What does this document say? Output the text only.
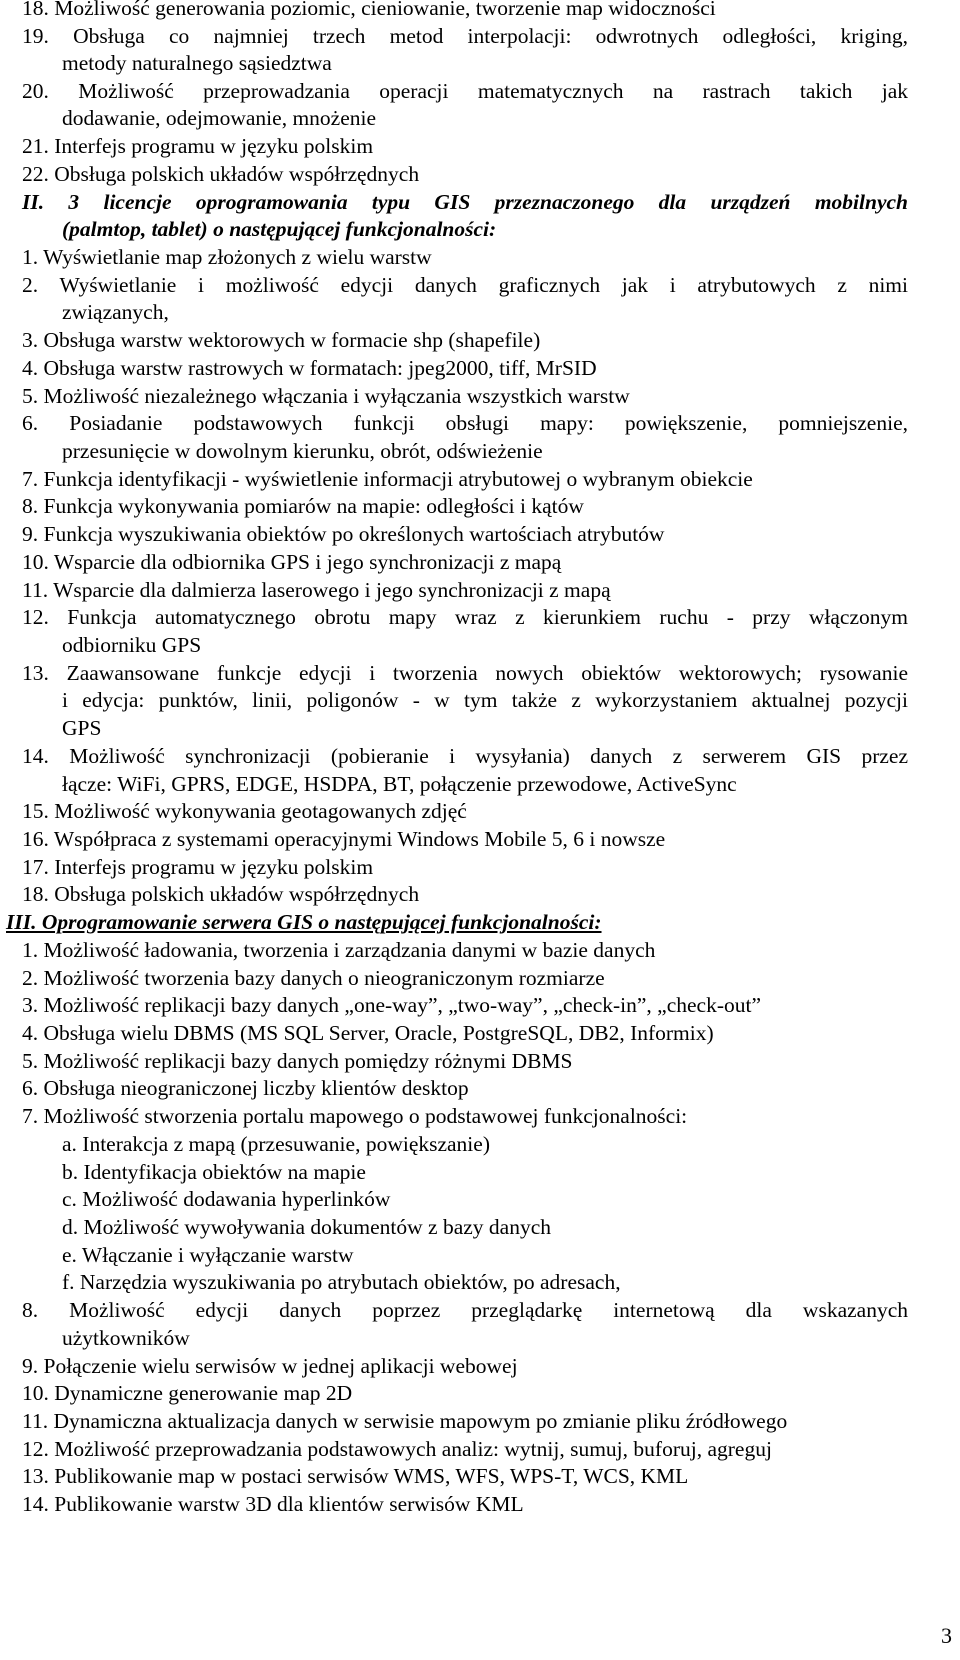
18. Możliwość generowania poziomic, cieniowanie, tworzenie map widoczności
19. Obsługa co najmniej trzech metod interpolacji: odwrotnych odległości, kriging,
metody naturalnego sąsiedztwa
20. Możliwość przeprowadzania operacji matematycznych na rastrach takich jak
dodawanie, odejmowanie, mnożenie
21. Interfejs programu w języku polskim
22. Obsługa polskich układów współrzędnych
II. 3 licencje oprogramowania typu GIS przeznaczonego dla urządzeń mobilnych
(palmtop, tablet) o następującej funkcjonalności:
1. Wyświetlanie map złożonych z wielu warstw
2. Wyświetlanie i możliwość edycji danych graficznych jak i atrybutowych z nimi
związanych,
3. Obsługa warstw wektorowych w formacie shp (shapefile)
4. Obsługa warstw rastrowych w formatach: jpeg2000, tiff, MrSID
5. Możliwość niezależnego włączania i wyłączania wszystkich warstw
6. Posiadanie podstawowych funkcji obsługi mapy: powiększenie, pomniejszenie,
przesunięcie w dowolnym kierunku, obrót, odświeżenie
7. Funkcja identyfikacji - wyświetlenie informacji atrybutowej o wybranym obiekcie
8. Funkcja wykonywania pomiarów na mapie: odległości i kątów
9. Funkcja wyszukiwania obiektów po określonych wartościach atrybutów
10. Wsparcie dla odbiornika GPS i jego synchronizacji z mapą
11. Wsparcie dla dalmierza laserowego i jego synchronizacji z mapą
12. Funkcja automatycznego obrotu mapy wraz z kierunkiem ruchu - przy włączonym
odbiorniku GPS
13. Zaawansowane funkcje edycji i tworzenia nowych obiektów wektorowych; rysowanie
i edycja: punktów, linii, poligonów - w tym także z wykorzystaniem aktualnej pozycji
GPS
14. Możliwość synchronizacji (pobieranie i wysyłania) danych z serwerem GIS przez
łącze: WiFi, GPRS, EDGE, HSDPA, BT, połączenie przewodowe, ActiveSync
15. Możliwość wykonywania geotagowanych zdjęć
16. Współpraca z systemami operacyjnymi Windows Mobile 5, 6 i nowsze
17. Interfejs programu w języku polskim
18. Obsługa polskich układów współrzędnych
III. Oprogramowanie serwera GIS o następującej funkcjonalności:
1. Możliwość ładowania, tworzenia i zarządzania danymi w bazie danych
2. Możliwość tworzenia bazy danych o nieograniczonym rozmiarze
3. Możliwość replikacji bazy danych „one-way”, „two-way”, „check-in”, „check-out”
4. Obsługa wielu DBMS (MS SQL Server, Oracle, PostgreSQL, DB2, Informix)
5. Możliwość replikacji bazy danych pomiędzy różnymi DBMS
6. Obsługa nieograniczonej liczby klientów desktop
7. Możliwość stworzenia portalu mapowego o podstawowej funkcjonalności:
a. Interakcja z mapą (przesuwanie, powiększanie)
b. Identyfikacja obiektów na mapie
c. Możliwość dodawania hyperlinków
d. Możliwość wywoływania dokumentów z bazy danych
e. Włączanie i wyłączanie warstw
f. Narzędzia wyszukiwania po atrybutach obiektów, po adresach,
8. Możliwość edycji danych poprzez przeglądarkę internetową dla wskazanych
użytkowników
9. Połączenie wielu serwisów w jednej aplikacji webowej
10. Dynamiczne generowanie map 2D
11. Dynamiczna aktualizacja danych w serwisie mapowym po zmianie pliku źródłowego
12. Możliwość przeprowadzania podstawowych analiz: wytnij, sumuj, buforuj, agreguj
13. Publikowanie map w postaci serwisów WMS, WFS, WPS-T, WCS, KML
14. Publikowanie warstw 3D dla klientów serwisów KML
3
